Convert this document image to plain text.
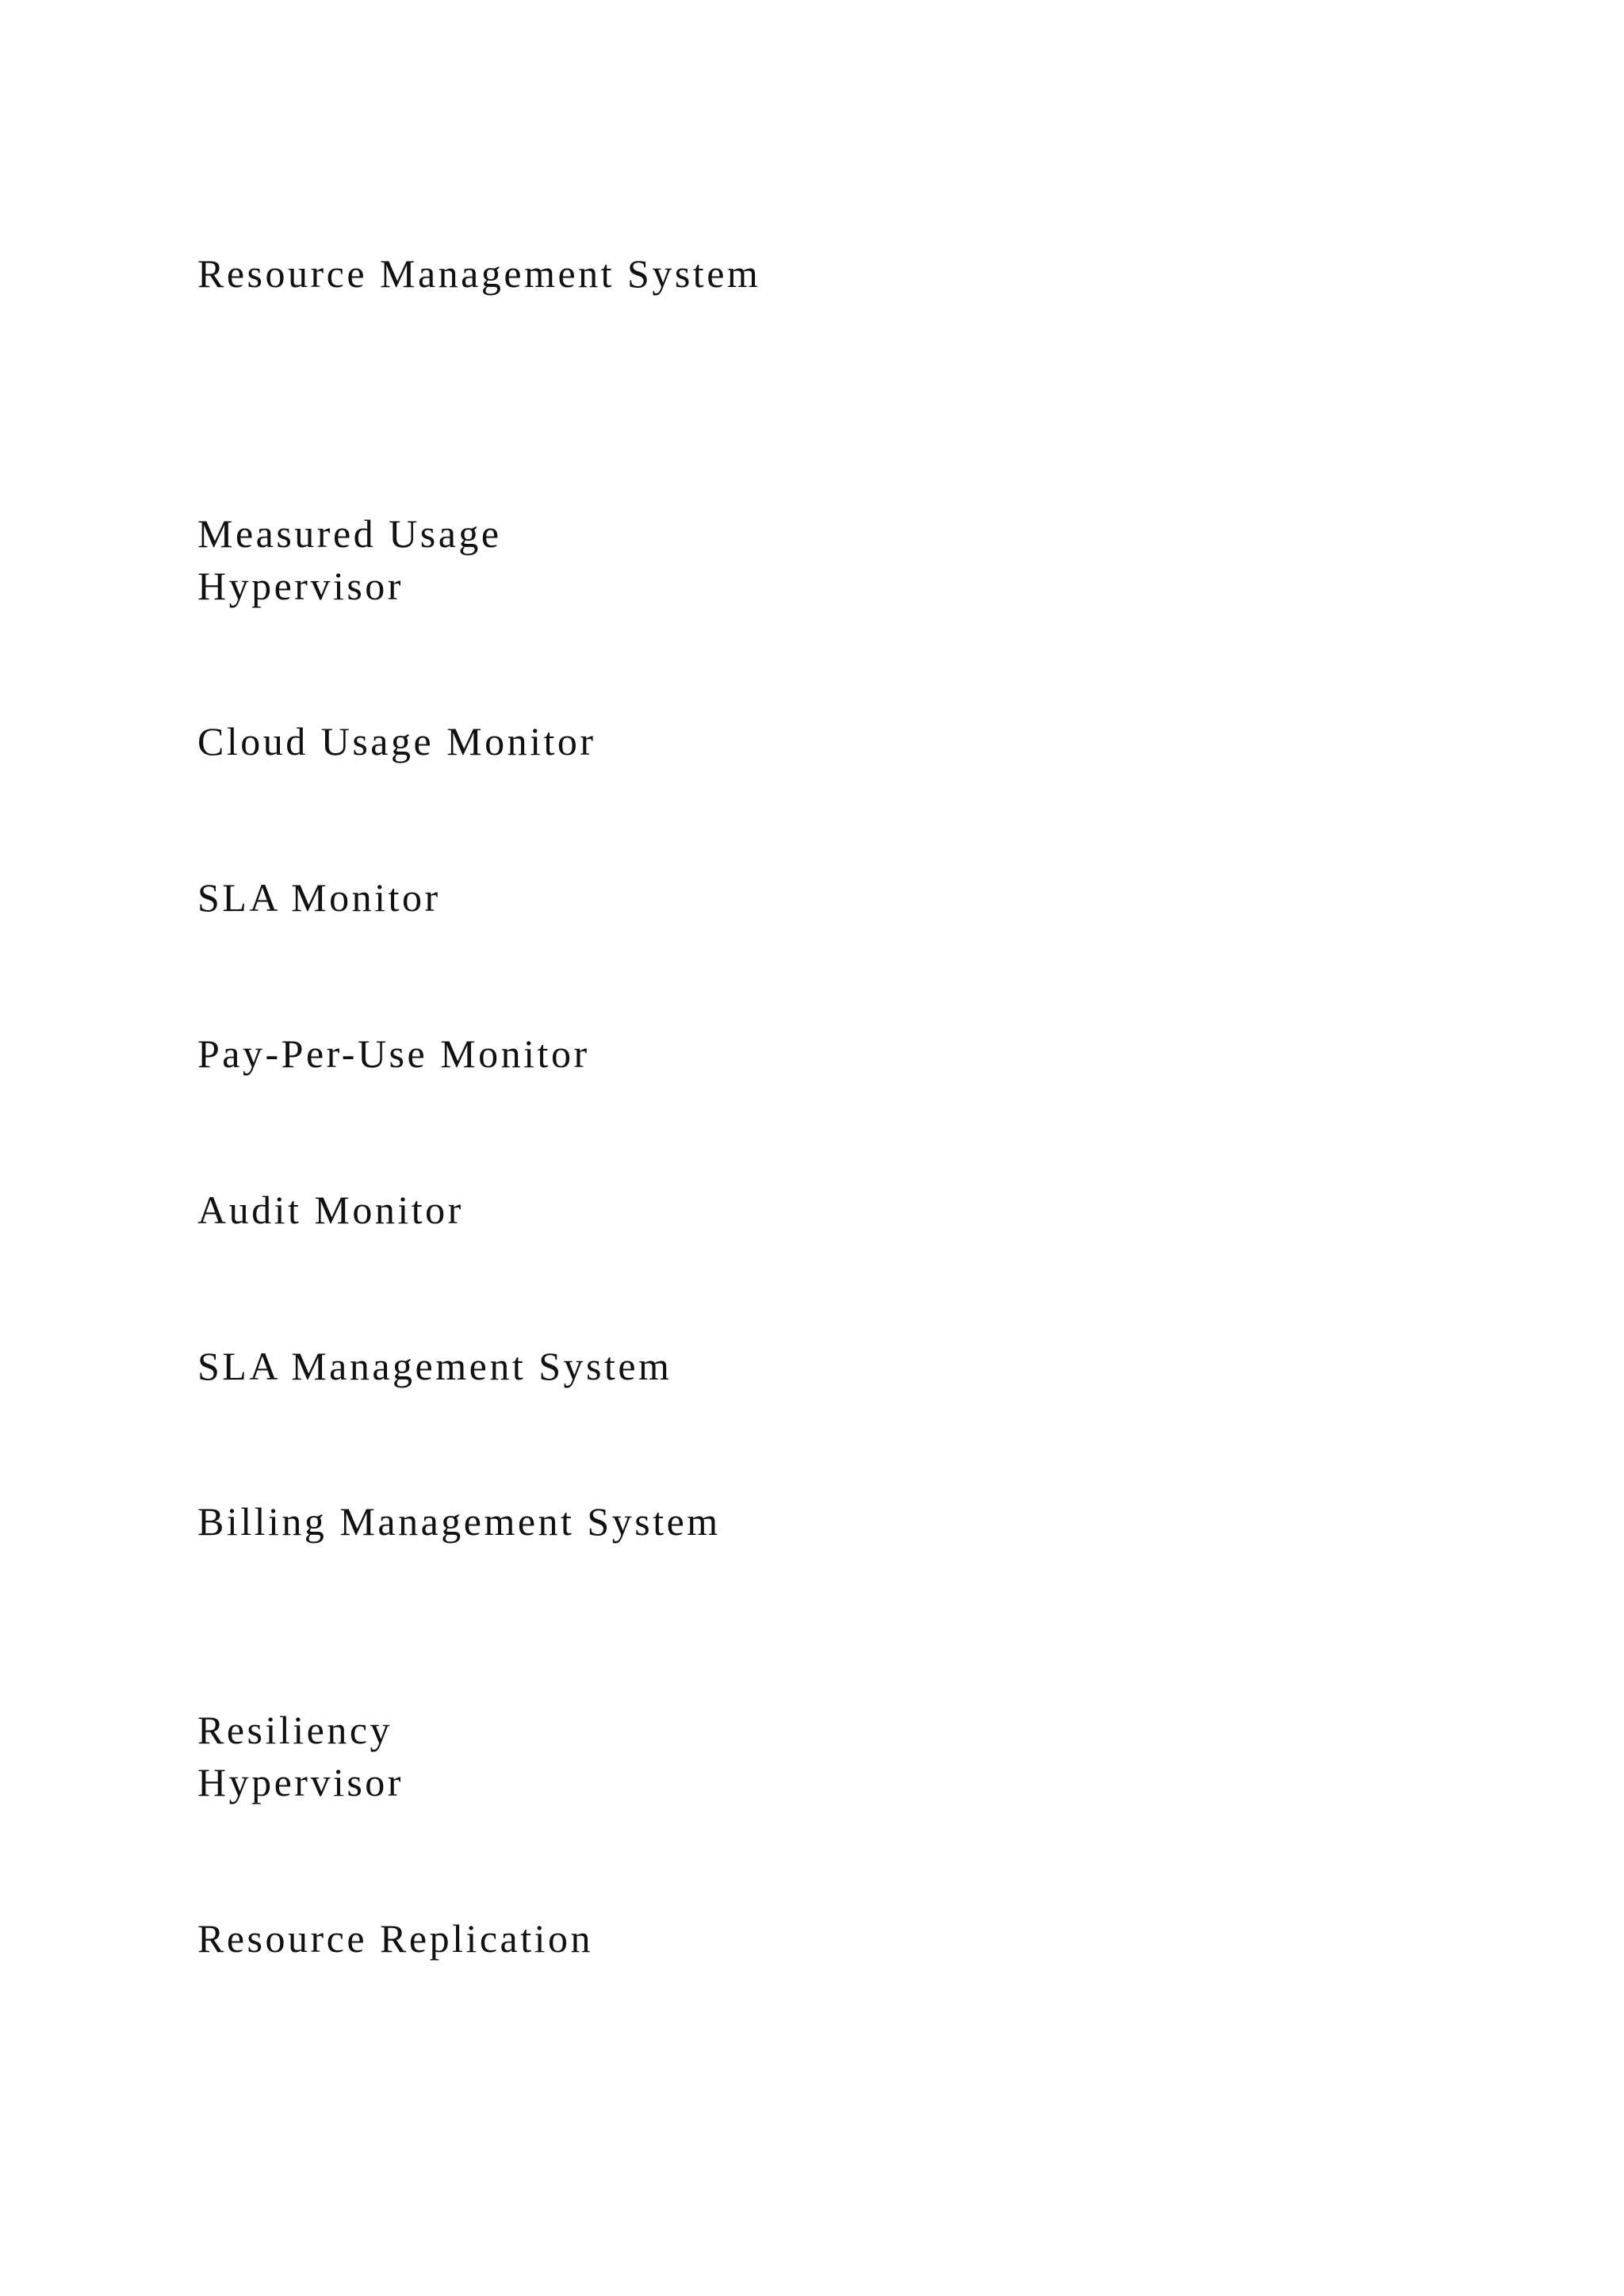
Resource Management System

Measured Usage

Hypervisor

Cloud Usage Monitor

SLA Monitor

Pay-Per-Use Monitor

Audit Monitor

SLA Management System

Billing Management System

Resiliency

Hypervisor

Resource Replication
